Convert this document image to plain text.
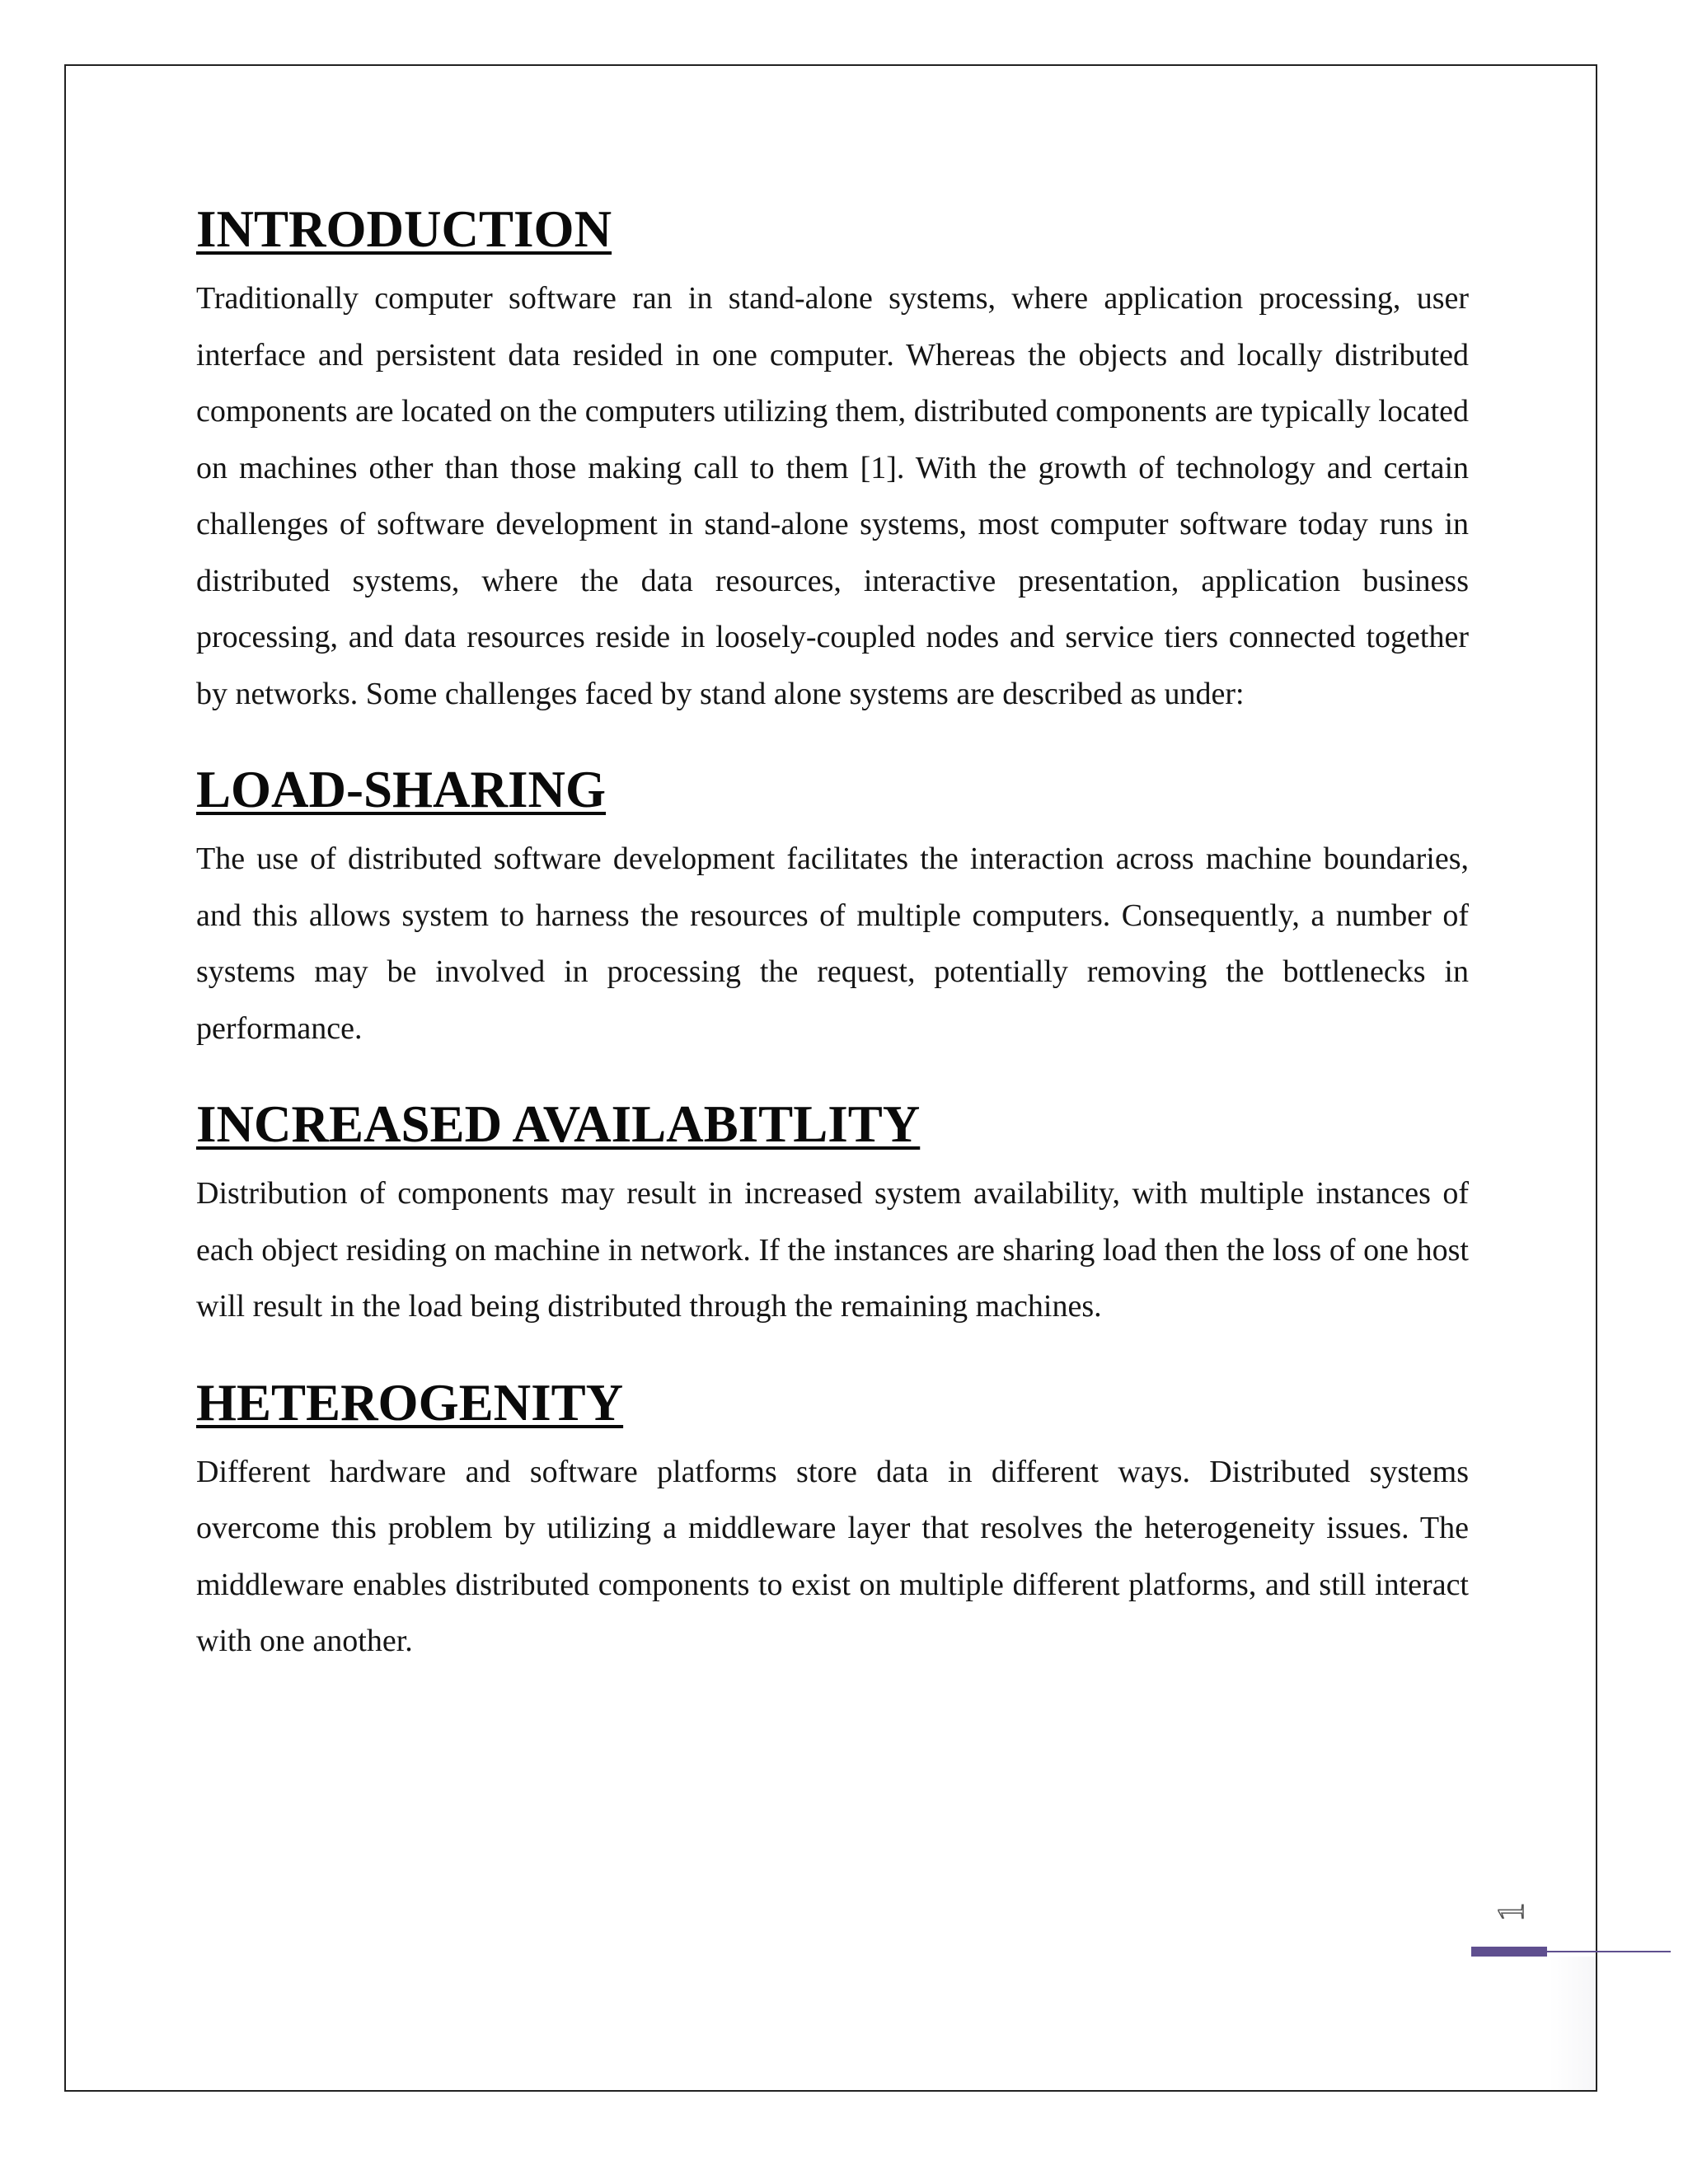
INTRODUCTION

Traditionally computer software ran in stand-alone systems, where application processing, user interface and persistent data resided in one computer. Whereas the objects and locally distributed components are located on the computers utilizing them, distributed components are typically located on machines other than those making call to them [1]. With the growth of technology and certain challenges of software development in stand-alone systems, most computer software today runs in distributed systems, where the data resources, interactive presentation, application business processing, and data resources reside in loosely-coupled nodes and service tiers connected together by networks. Some challenges faced by stand alone systems are described as under:

LOAD-SHARING

The use of distributed software development facilitates the interaction across machine boundaries, and this allows system to harness the resources of multiple computers. Consequently, a number of systems may be involved in processing the request, potentially removing the bottlenecks in performance.

INCREASED AVAILABITLITY

Distribution of components may result in increased system availability, with multiple instances of each object residing on machine in network. If the instances are sharing load then the loss of one host will result in the load being distributed through the remaining machines.

HETEROGENITY

Different hardware and software platforms store data in different ways. Distributed systems overcome this problem by utilizing a middleware layer that resolves the heterogeneity issues. The middleware enables distributed components to exist on multiple different platforms, and still interact with one another.

1
